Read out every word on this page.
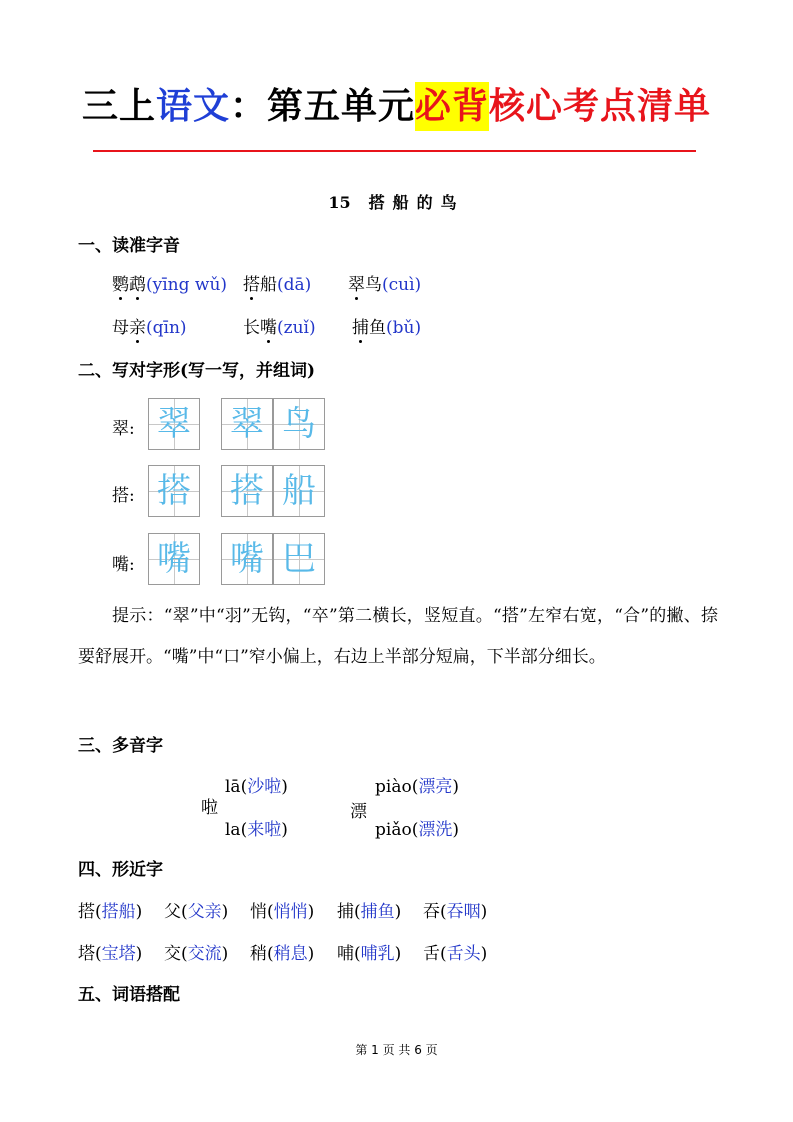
三上语文：第五单元必背核心考点清单
15 搭船的鸟
一、读准字音
鹦鹉(yīng wǔ) 搭船(dā) 翠鸟(cuì)
母亲(qīn)	长嘴(zuǐ) 捕鱼(bǔ)
二、写对字形(写一写，并组词)
翠: 翠 翠 鸟
搭: 搭 搭 船
嘴: 嘴 嘴 巴
提示：“翠”中“羽”无钩，“卒”第二横长，竖短直。“搭”左窄右宽，“合”的撇、捺要舒展开。“嘴”中“口”窄小偏上，右边上半部分短扁，下半部分细长。
三、多音字
啦
lā(沙啦)
la(来啦)
漂
piào(漂亮)
piǎo(漂洗)
四、形近字
搭(搭船) 父(父亲) 悄(悄悄) 捕(捕鱼) 吞(吞咽)
塔(宝塔) 交(交流) 稍(稍息) 哺(哺乳) 舌(舌头)
五、词语搭配
第 1 页 共 6 页
